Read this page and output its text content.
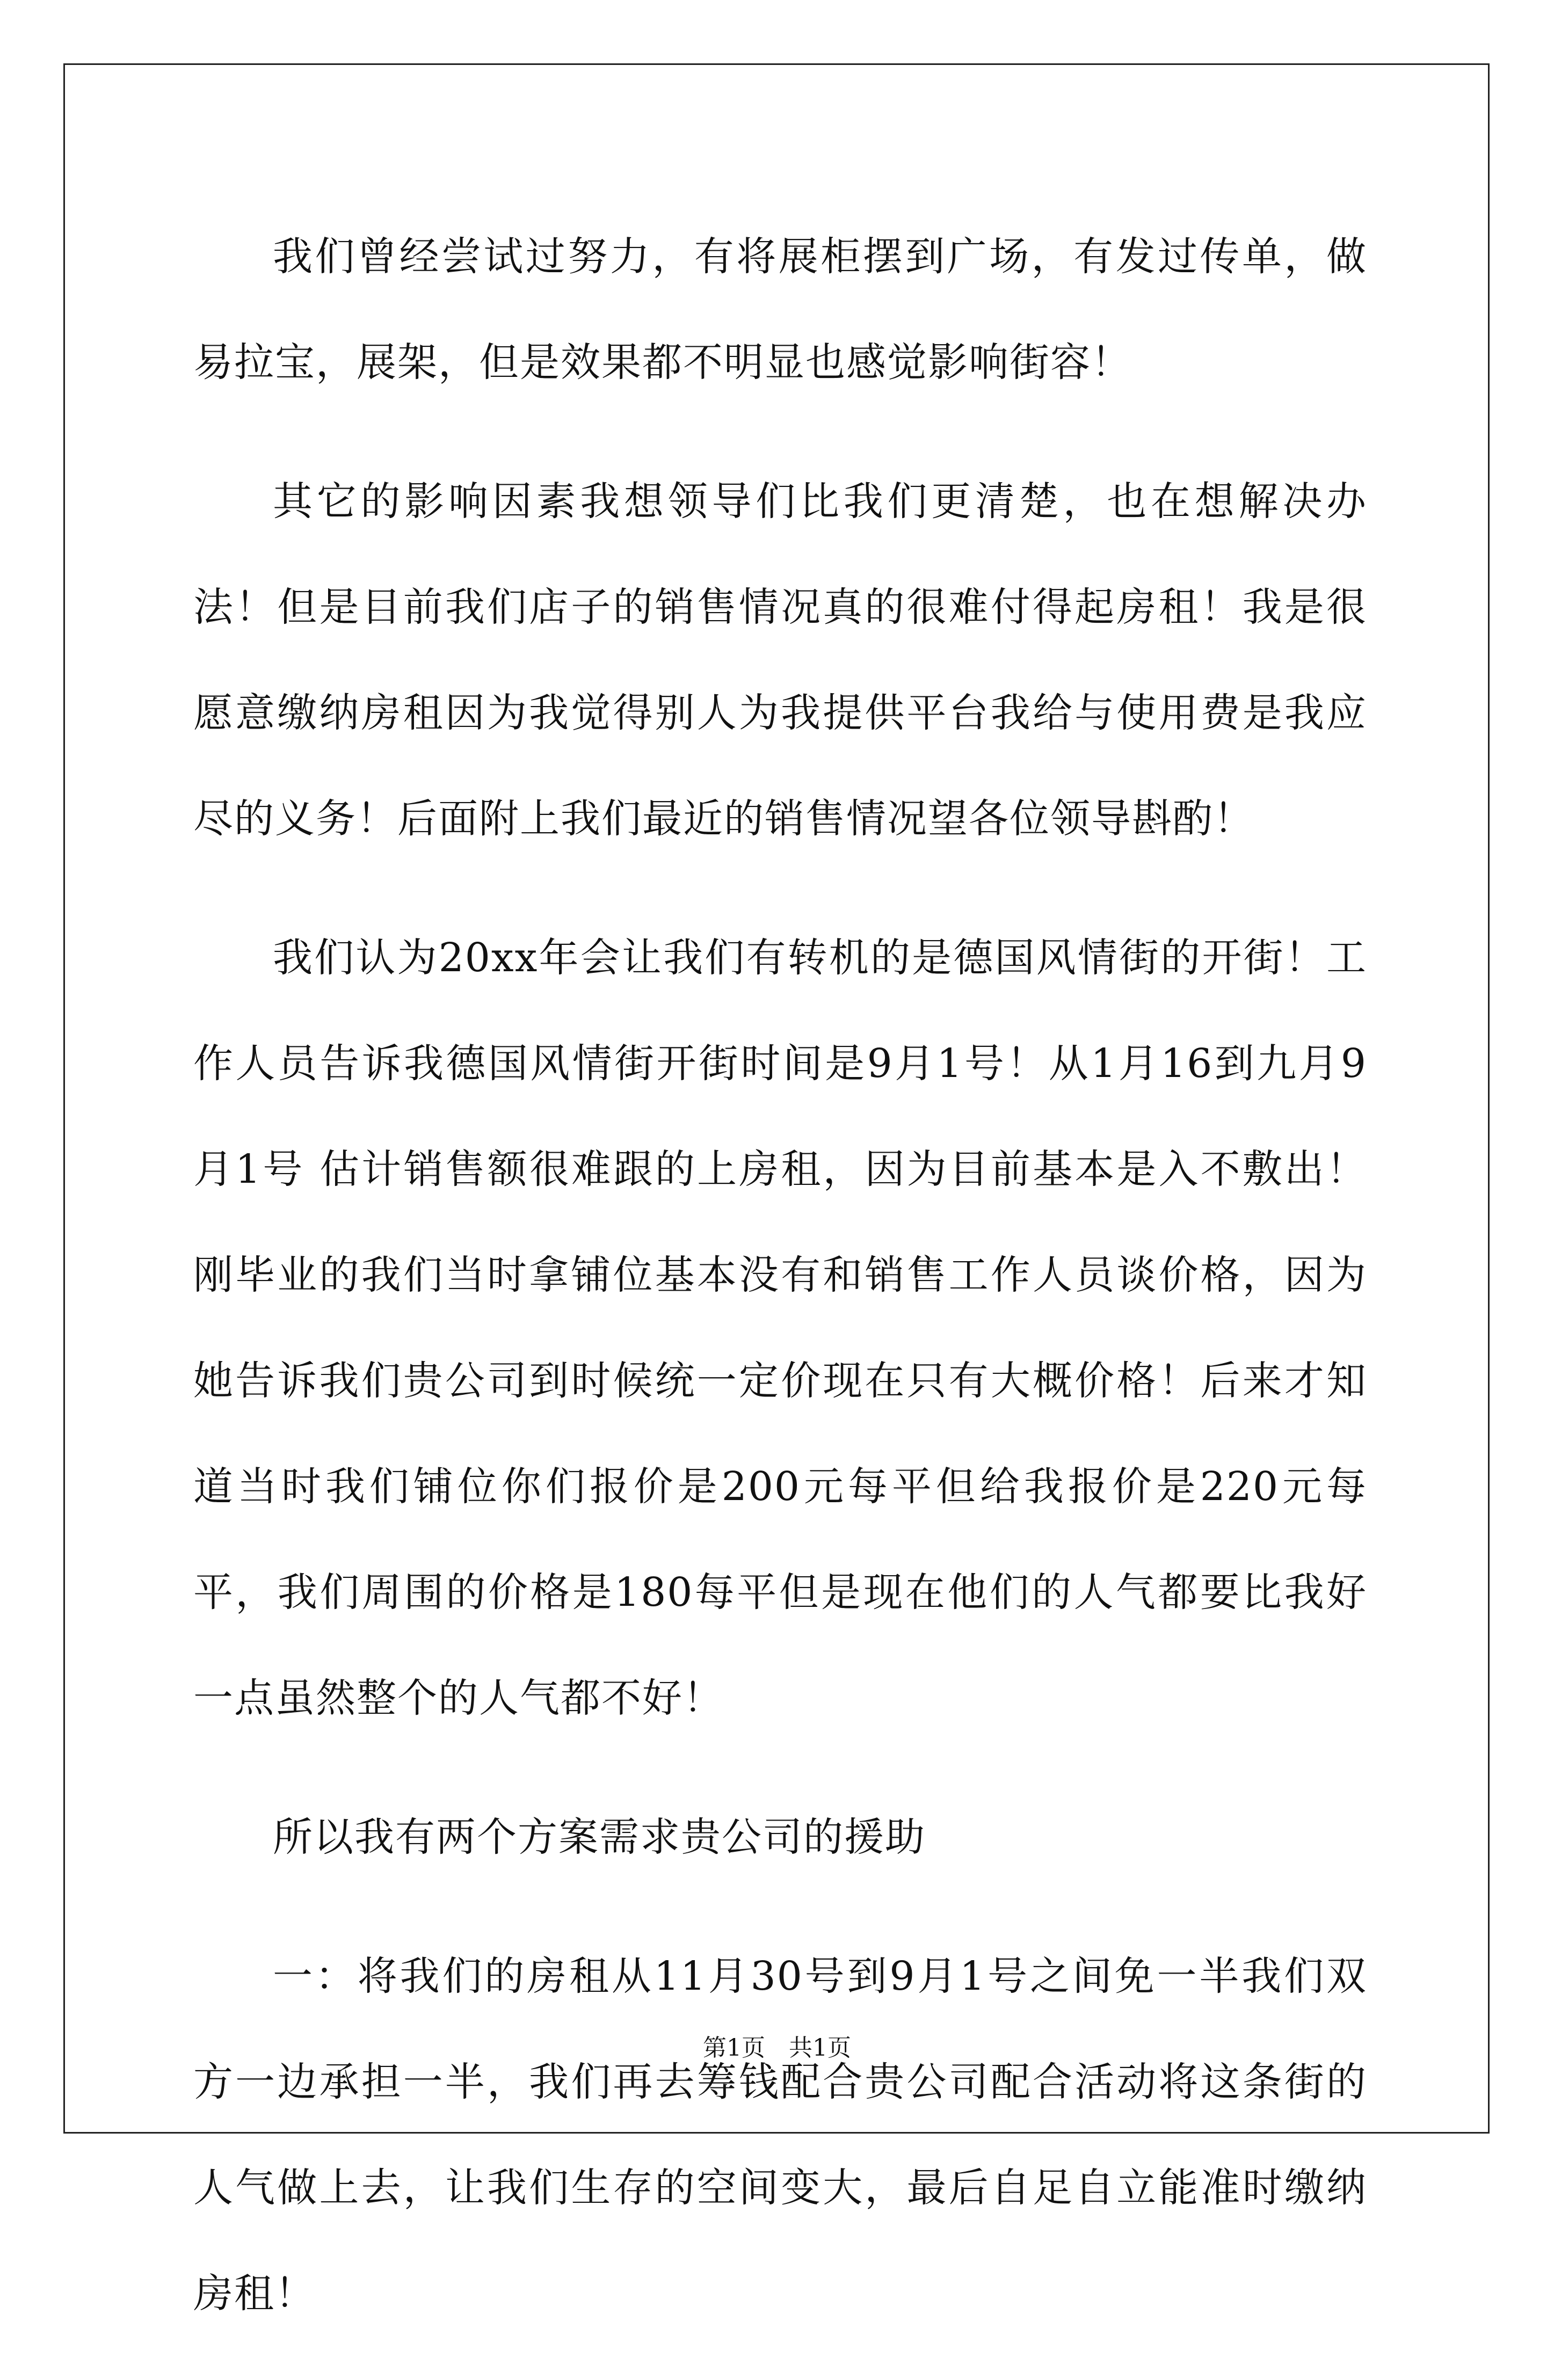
我们曾经尝试过努力，有将展柜摆到广场，有发过传单，做易拉宝，展架，但是效果都不明显也感觉影响街容！

其它的影响因素我想领导们比我们更清楚，也在想解决办法！但是目前我们店子的销售情况真的很难付得起房租！我是很愿意缴纳房租因为我觉得别人为我提供平台我给与使用费是我应尽的义务！后面附上我们最近的销售情况望各位领导斟酌！

我们认为20xx年会让我们有转机的是德国风情街的开街！工作人员告诉我德国风情街开街时间是9月1号！从1月16到九月9月1号 估计销售额很难跟的上房租，因为目前基本是入不敷出！刚毕业的我们当时拿铺位基本没有和销售工作人员谈价格，因为她告诉我们贵公司到时候统一定价现在只有大概价格！后来才知道当时我们铺位你们报价是200元每平但给我报价是220元每平，我们周围的价格是180每平但是现在他们的人气都要比我好一点虽然整个的人气都不好！

所以我有两个方案需求贵公司的援助

一：将我们的房租从11月30号到9月1号之间免一半我们双方一边承担一半，我们再去筹钱配合贵公司配合活动将这条街的人气做上去，让我们生存的空间变大，最后自足自立能准时缴纳房租！

第1页　共1页
